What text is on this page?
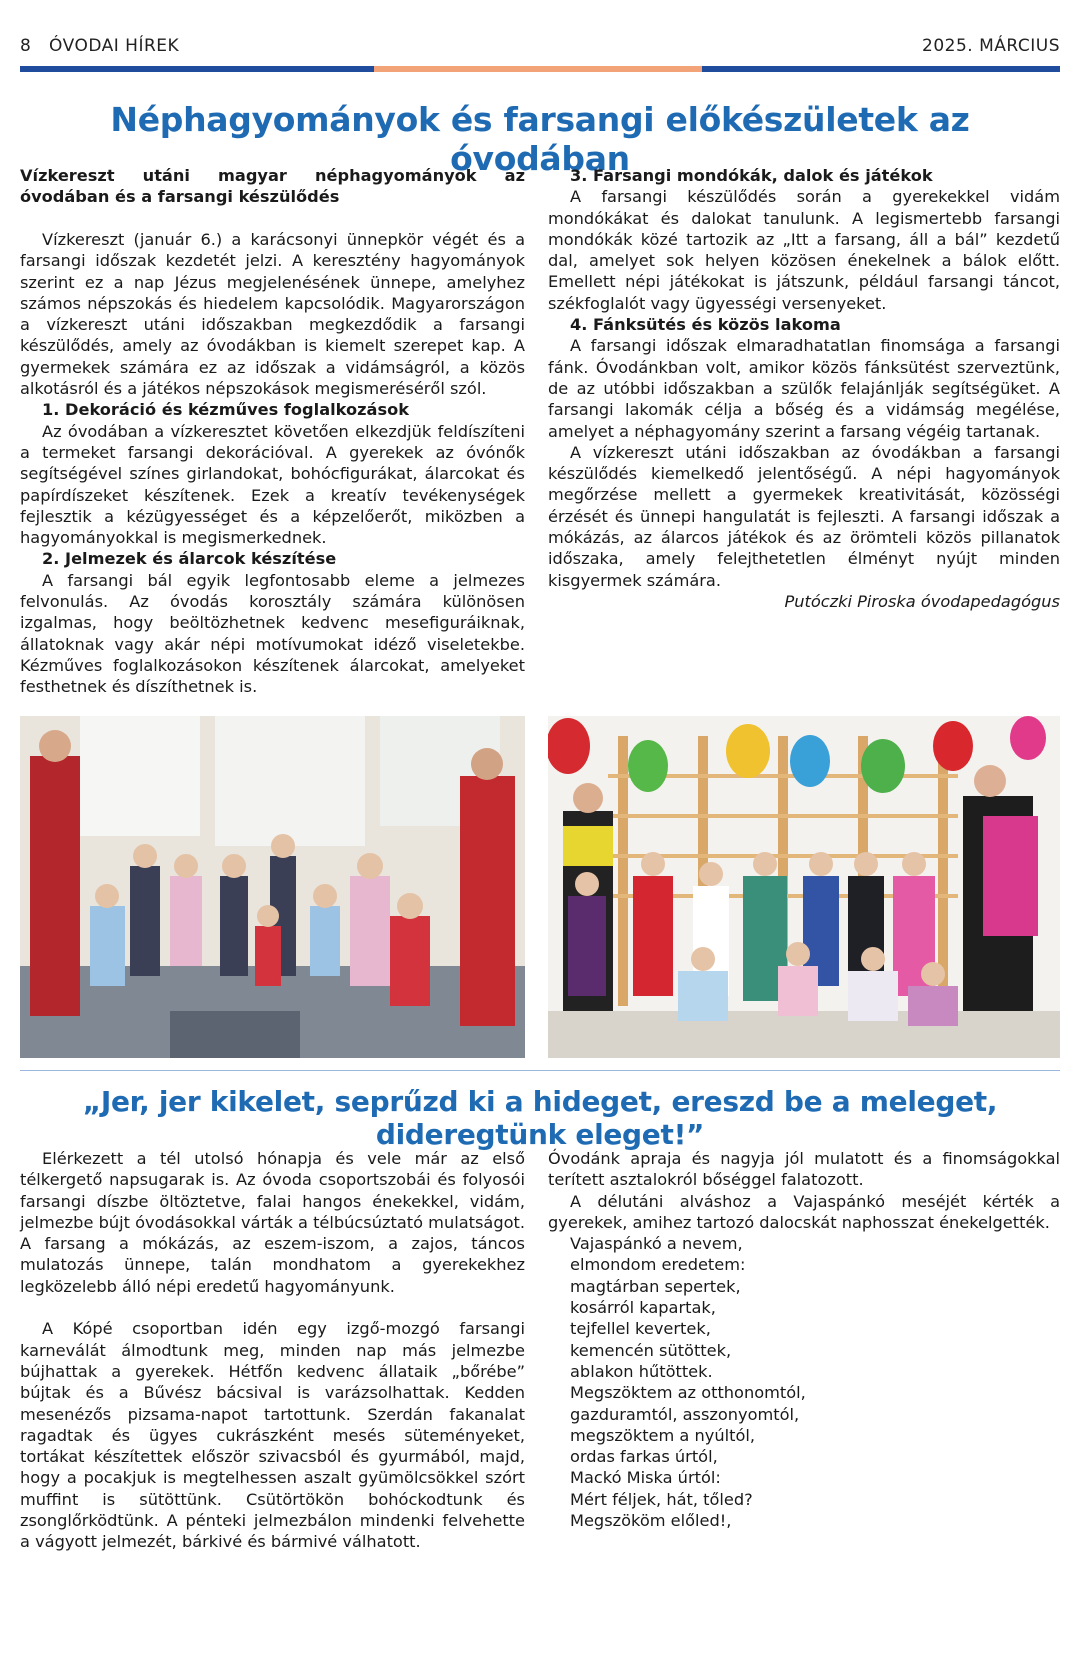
8 ÓVODAI HÍREK	2025. MÁRCIUS
Néphagyományok és farsangi előkészületek az óvodában
Vízkereszt utáni magyar néphagyományok az óvodában és a farsangi készülődés

Vízkereszt (január 6.) a karácsonyi ünnepkör végét és a farsangi időszak kezdetét jelzi. A keresztény hagyományok szerint ez a nap Jézus megjelenésének ünnepe, amelyhez számos népszokás és hiedelem kapcsolódik. Magyarországon a vízkereszt utáni időszakban megkezdődik a farsangi készülődés, amely az óvodákban is kiemelt szerepet kap. A gyermekek számára ez az időszak a vidámságról, a közös alkotásról és a játékos népszokások megismeréséről szól.

1. Dekoráció és kézműves foglalkozások

Az óvodában a vízkeresztet követően elkezdjük feldíszíteni a termeket farsangi dekorációval. A gyerekek az óvónők segítségével színes girlandokat, bohócfigurákat, álarcokat és papírdíszeket készítenek. Ezek a kreatív tevékenységek fejlesztik a kézügyességet és a képzelőerőt, miközben a hagyományokkal is megismerkednek.

2. Jelmezek és álarcok készítése

A farsangi bál egyik legfontosabb eleme a jelmezes felvonulás. Az óvodás korosztály számára különösen izgalmas, hogy beöltözhetnek kedvenc mesefiguráiknak, állatoknak vagy akár népi motívumokat idéző viseletekbe. Kézműves foglalkozásokon készítenek álarcokat, amelyeket festhetnek és díszíthetnek is.

3. Farsangi mondókák, dalok és játékok

A farsangi készülődés során a gyerekekkel vidám mondókákat és dalokat tanulunk. A legismertebb farsangi mondókák közé tartozik az „Itt a farsang, áll a bál” kezdetű dal, amelyet sok helyen közösen énekelnek a bálok előtt. Emellett népi játékokat is játszunk, például farsangi táncot, székfoglalót vagy ügyességi versenyeket.

4. Fánksütés és közös lakoma

A farsangi időszak elmaradhatatlan finomsága a farsangi fánk. Óvodánkban volt, amikor közös fánksütést szerveztünk, de az utóbbi időszakban a szülők felajánlják segítségüket. A farsangi lakomák célja a bőség és a vidámság megélése, amelyet a néphagyomány szerint a farsang végéig tartanak.

A vízkereszt utáni időszakban az óvodákban a farsangi készülődés kiemelkedő jelentőségű. A népi hagyományok megőrzése mellett a gyermekek kreativitását, közösségi érzését és ünnepi hangulatát is fejleszti. A farsangi időszak a mókázás, az álarcos játékok és az örömteli közös pillanatok időszaka, amely felejthetetlen élményt nyújt minden kisgyermek számára.

Putóczki Piroska óvodapedagógus

„Jer, jer kikelet, seprűzd ki a hideget, ereszd be a meleget, dideregtünk eleget!”

Elérkezett a tél utolsó hónapja és vele már az első télkergető napsugarak is. Az óvoda csoportszobái és folyosói farsangi díszbe öltöztetve, falai hangos énekekkel, vidám, jelmezbe bújt óvodásokkal várták a télbúcsúztató mulatságot. A farsang a mókázás, az eszem-iszom, a zajos, táncos mulatozás ünnepe, talán mondhatom a gyerekekhez legközelebb álló népi eredetű hagyományunk.

A Kópé csoportban idén egy izgő-mozgó farsangi karneválát álmodtunk meg, minden nap más jelmezbe bújhattak a gyerekek. Hétfőn kedvenc állataik „bőrébe” bújtak és a Bűvész bácsival is varázsolhattak. Kedden mesenézős pizsama-napot tartottunk. Szerdán fakanalat ragadtak és ügyes cukrászként mesés süteményeket, tortákat készítettek először szivacsból és gyurmából, majd, hogy a pocakjuk is megtelhessen aszalt gyümölcsökkel szórt muffint is sütöttünk. Csütörtökön bohóckodtunk és zsonglőrködtünk. A pénteki jelmezbálon mindenki felvehette a vágyott jelmezét, bárkivé és bármivé válhatott.

Óvodánk apraja és nagyja jól mulatott és a finomságokkal terített asztalokról bőséggel falatozott.

A délutáni alváshoz a Vajaspánkó meséjét kérték a gyerekek, amihez tartozó dalocskát naphosszat énekelgették.

Vajaspánkó a nevem,
elmondom eredetem:
magtárban sepertek,
kosárról kapartak,
tejfellel kevertek,
kemencén sütöttek,
ablakon hűtöttek.
Megszöktem az otthonomtól,
gazduramtól, asszonyomtól,
megszöktem a nyúltól,
ordas farkas úrtól,
Mackó Miska úrtól:
Mért féljek, hát, tőled?
Megszököm előled!,
